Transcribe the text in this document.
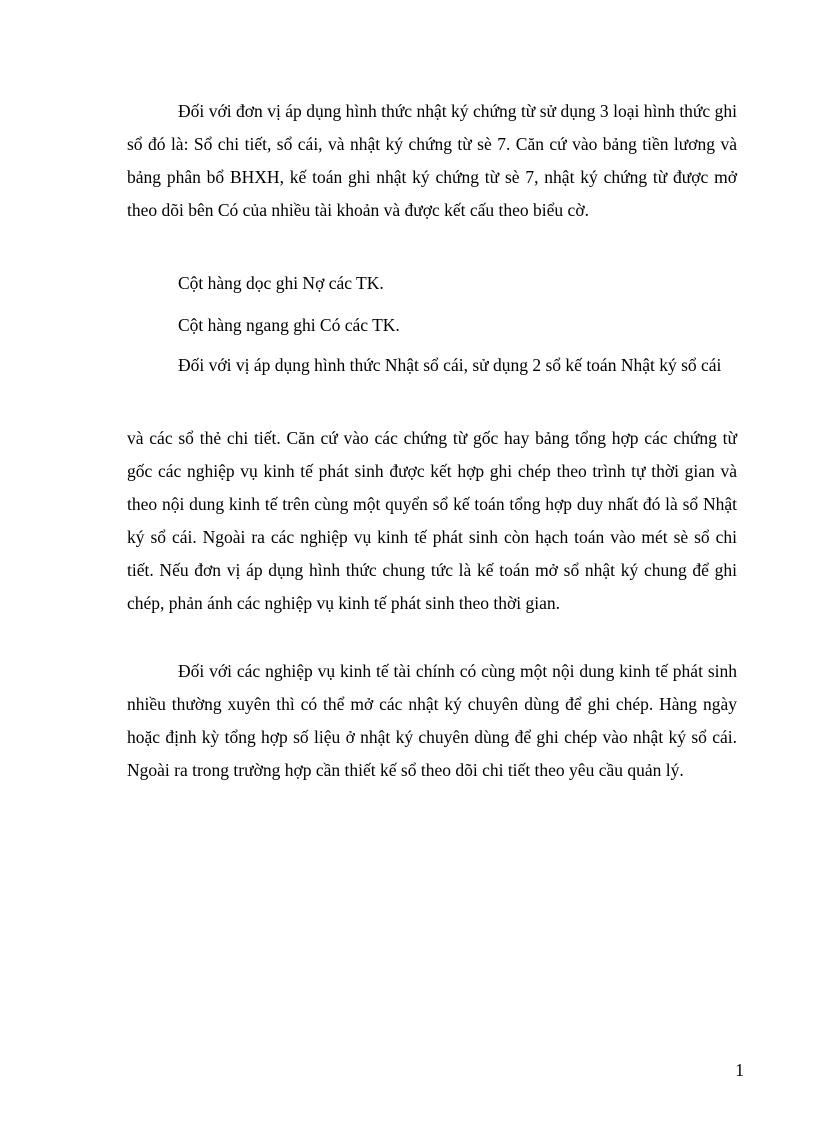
Đối với đơn vị áp dụng hình thức nhật ký chứng từ sử dụng 3 loại hình thức ghi sổ đó là: Sổ chi tiết, sổ cái, và nhật ký chứng từ sè 7. Căn cứ vào bảng tiền lương và bảng phân bổ BHXH, kế toán ghi nhật ký chứng từ sè 7, nhật ký chứng từ được mở theo dõi bên Có của nhiều tài khoản và được kết cấu theo biểu cờ.

Cột hàng dọc ghi Nợ các TK.

Cột hàng ngang ghi Có các TK.

Đối với vị áp dụng hình thức Nhật sổ cái, sử dụng 2 sổ kế toán Nhật ký sổ cái

và các sổ thẻ chi tiết. Căn cứ vào các chứng từ gốc hay bảng tổng hợp các chứng từ gốc các nghiệp vụ kinh tế phát sinh được kết hợp ghi chép theo trình tự thời gian và theo nội dung kinh tế trên cùng một quyển sổ kế toán tổng hợp duy nhất đó là sổ Nhật ký sổ cái. Ngoài ra các nghiệp vụ kinh tế phát sinh còn hạch toán vào mét sè sổ chi tiết. Nếu đơn vị áp dụng hình thức chung tức là kế toán mở sổ nhật ký chung để ghi chép, phản ánh các nghiệp vụ kinh tế phát sinh theo thời gian.

Đối với các nghiệp vụ kinh tế tài chính có cùng một nội dung kinh tế phát sinh nhiều thường xuyên thì có thể mở các nhật ký chuyên dùng để ghi chép. Hàng ngày hoặc định kỳ tổng hợp số liệu ở nhật ký chuyên dùng để ghi chép vào nhật ký sổ cái. Ngoài ra trong trường hợp cần thiết kế sổ theo dõi chi tiết theo yêu cầu quản lý.

1
